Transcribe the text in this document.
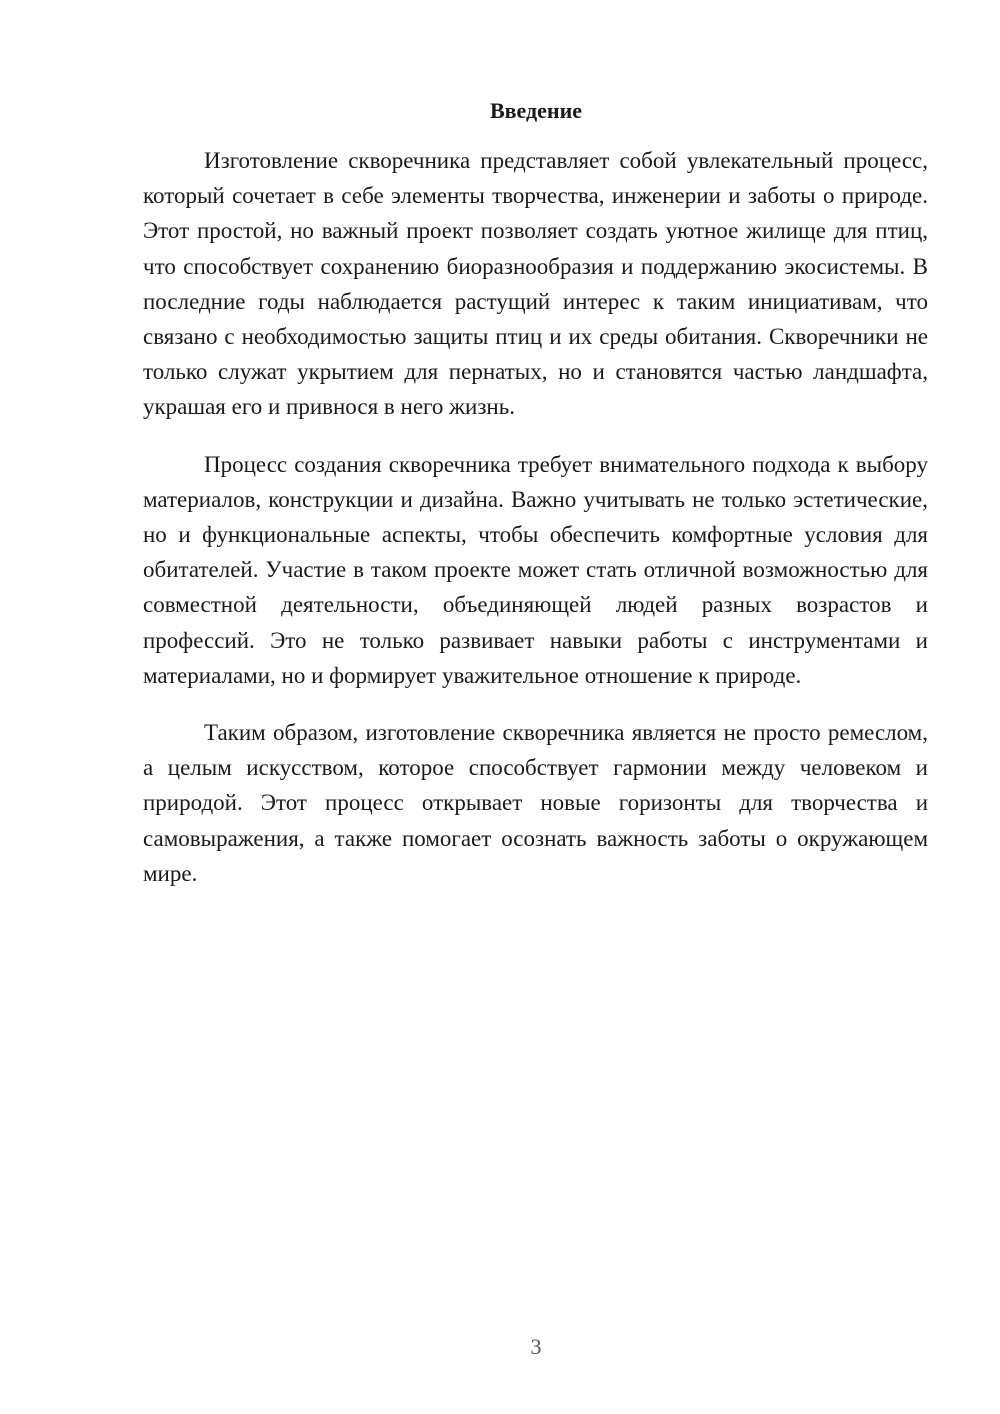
Введение

Изготовление скворечника представляет собой увлекательный процесс, который сочетает в себе элементы творчества, инженерии и заботы о природе. Этот простой, но важный проект позволяет создать уютное жилище для птиц, что способствует сохранению биоразнообразия и поддержанию экосистемы. В последние годы наблюдается растущий интерес к таким инициативам, что связано с необходимостью защиты птиц и их среды обитания. Скворечники не только служат укрытием для пернатых, но и становятся частью ландшафта, украшая его и привнося в него жизнь.

Процесс создания скворечника требует внимательного подхода к выбору материалов, конструкции и дизайна. Важно учитывать не только эстетические, но и функциональные аспекты, чтобы обеспечить комфортные условия для обитателей. Участие в таком проекте может стать отличной возможностью для совместной деятельности, объединяющей людей разных возрастов и профессий. Это не только развивает навыки работы с инструментами и материалами, но и формирует уважительное отношение к природе.

Таким образом, изготовление скворечника является не просто ремеслом, а целым искусством, которое способствует гармонии между человеком и природой. Этот процесс открывает новые горизонты для творчества и самовыражения, а также помогает осознать важность заботы о окружающем мире.

3
